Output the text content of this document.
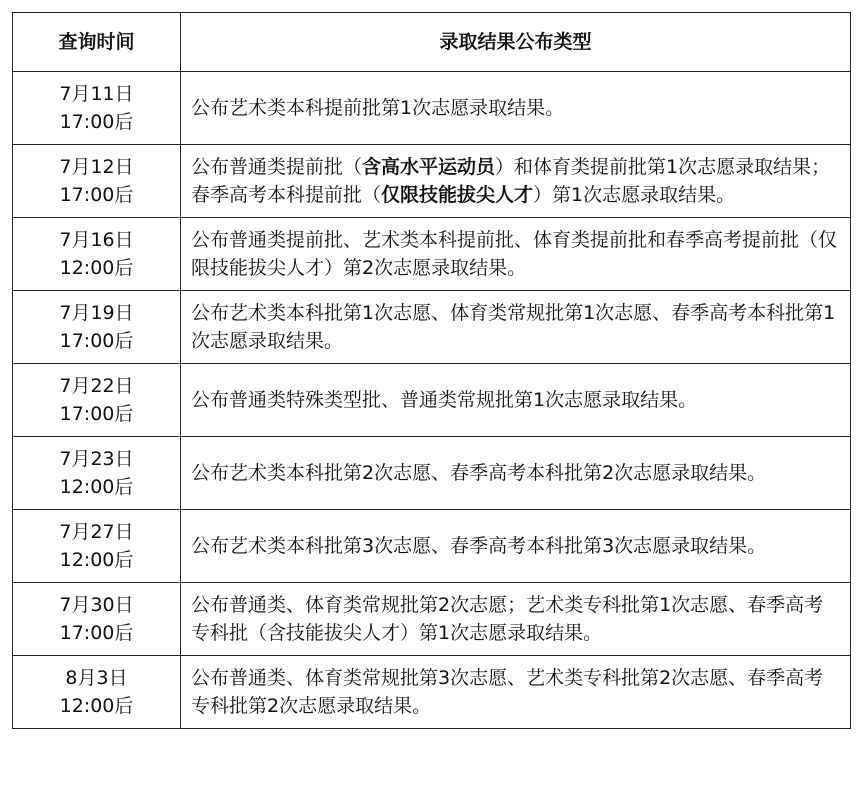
查询时间	录取结果公布类型

7月11日
17:00后	公布艺术类本科提前批第1次志愿录取结果。

7月12日
17:00后	公布普通类提前批（含高水平运动员）和体育类提前批第1次志愿录取结果；春季高考本科提前批（仅限技能拔尖人才）第1次志愿录取结果。

7月16日
12:00后	公布普通类提前批、艺术类本科提前批、体育类提前批和春季高考提前批（仅限技能拔尖人才）第2次志愿录取结果。

7月19日
17:00后	公布艺术类本科批第1次志愿、体育类常规批第1次志愿、春季高考本科批第1次志愿录取结果。

7月22日
17:00后	公布普通类特殊类型批、普通类常规批第1次志愿录取结果。

7月23日
12:00后	公布艺术类本科批第2次志愿、春季高考本科批第2次志愿录取结果。

7月27日
12:00后	公布艺术类本科批第3次志愿、春季高考本科批第3次志愿录取结果。

7月30日
17:00后	公布普通类、体育类常规批第2次志愿；艺术类专科批第1次志愿、春季高考专科批（含技能拔尖人才）第1次志愿录取结果。

8月3日
12:00后	公布普通类、体育类常规批第3次志愿、艺术类专科批第2次志愿、春季高考专科批第2次志愿录取结果。
